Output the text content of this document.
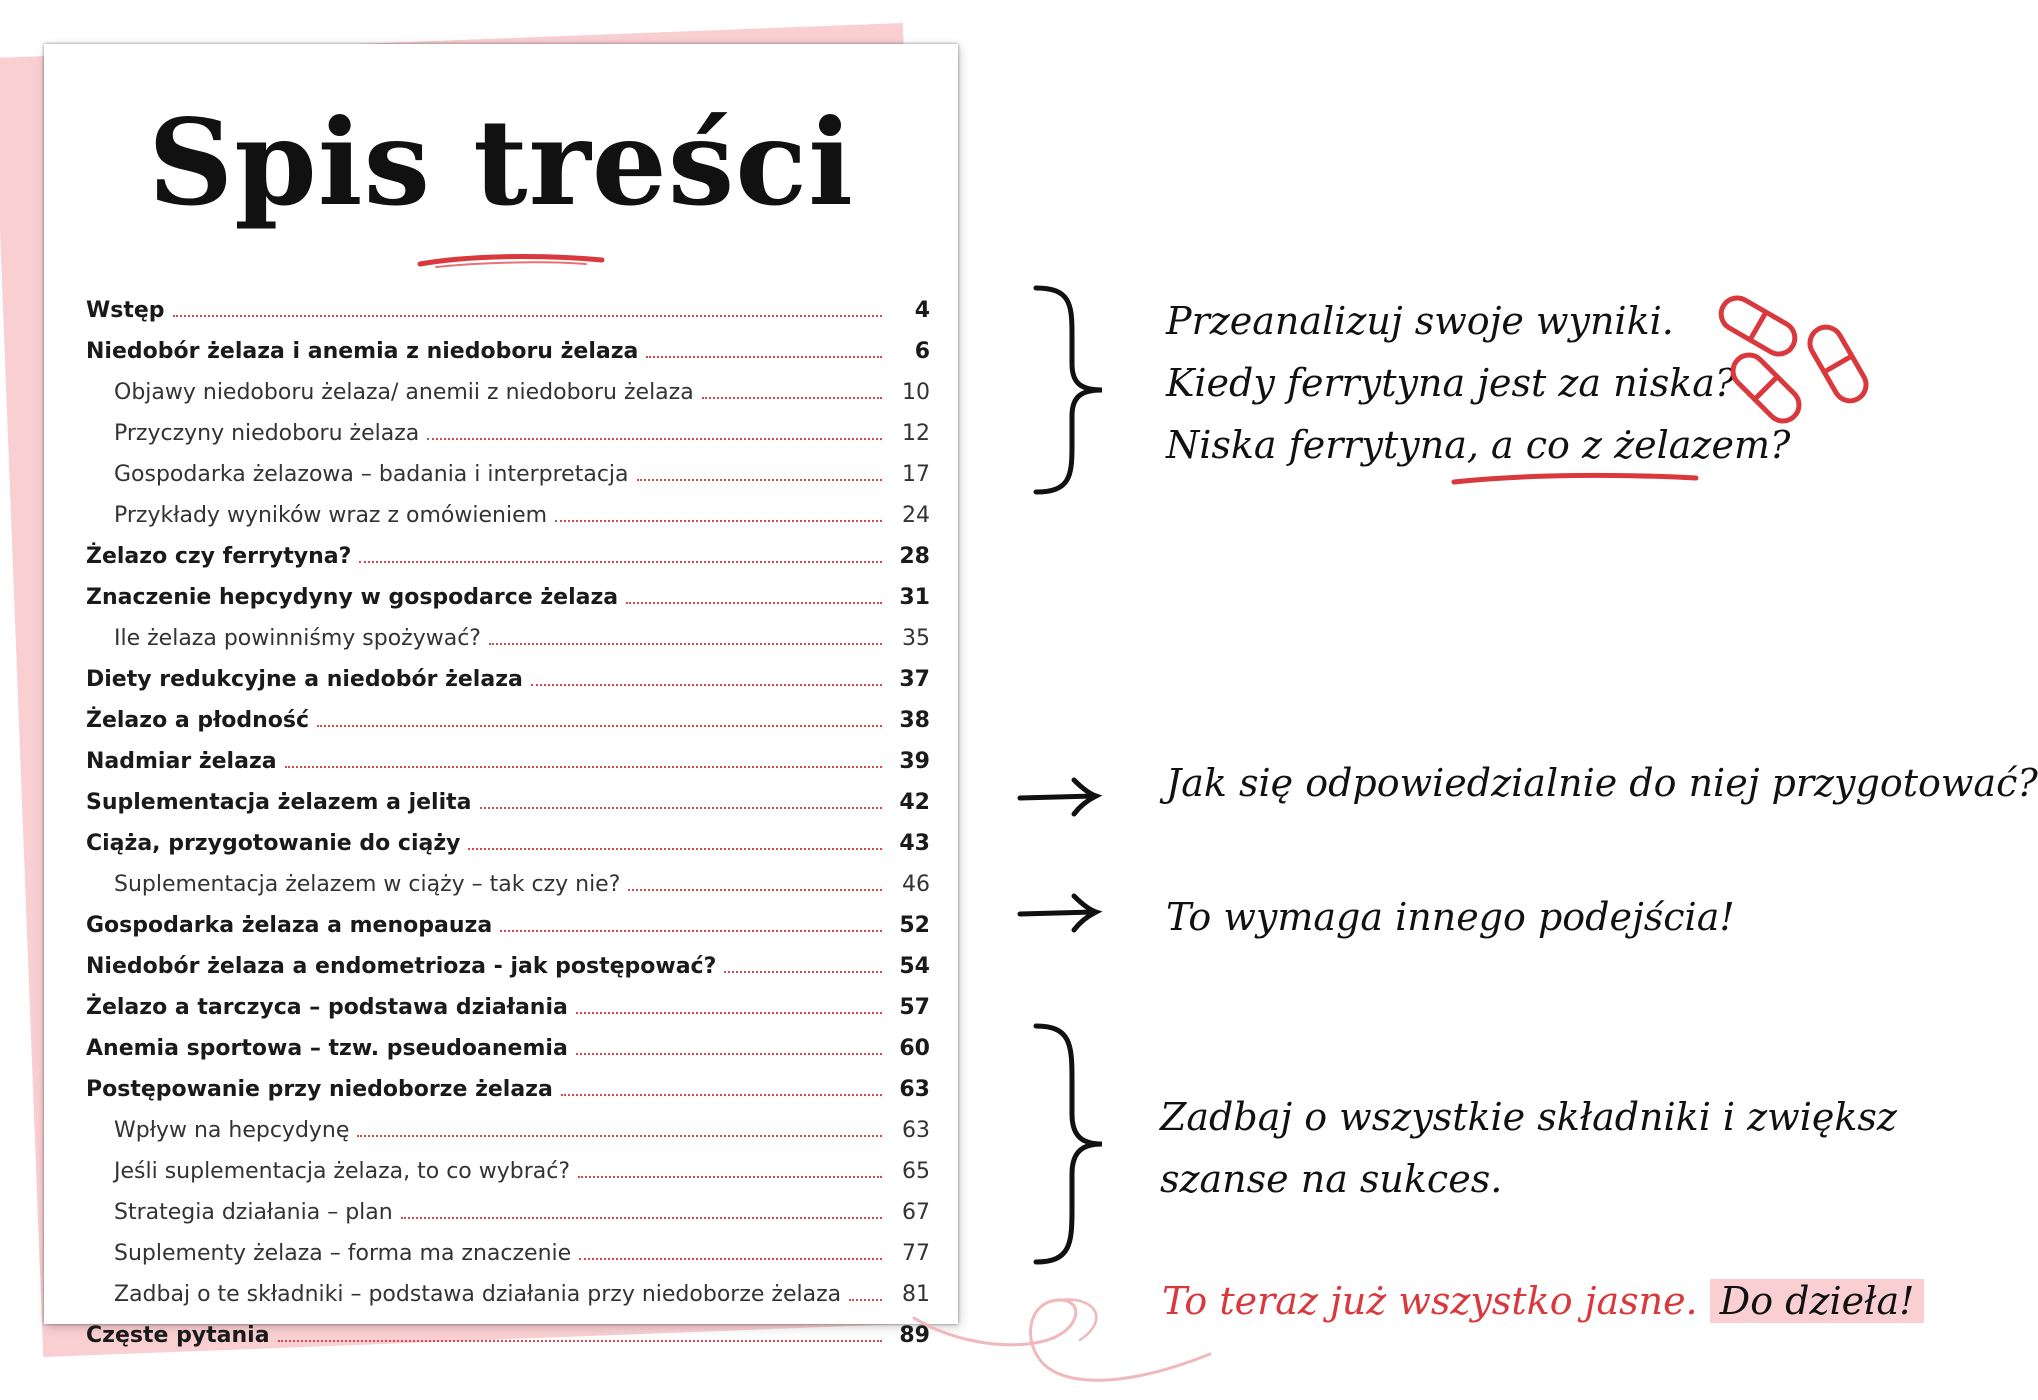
Spis treści
Wstęp	4
Niedobór żelaza i anemia z niedoboru żelaza	6
Objawy niedoboru żelaza/ anemii z niedoboru żelaza	10
Przyczyny niedoboru żelaza	12
Gospodarka żelazowa – badania i interpretacja	17
Przykłady wyników wraz z omówieniem	24
Żelazo czy ferrytyna?	28
Znaczenie hepcydyny w gospodarce żelaza	31
Ile żelaza powinniśmy spożywać?	35
Diety redukcyjne a niedobór żelaza	37
Żelazo a płodność	38
Nadmiar żelaza	39
Suplementacja żelazem a jelita	42
Ciąża, przygotowanie do ciąży	43
Suplementacja żelazem w ciąży – tak czy nie?	46
Gospodarka żelaza a menopauza	52
Niedobór żelaza a endometrioza - jak postępować?	54
Żelazo a tarczyca – podstawa działania	57
Anemia sportowa – tzw. pseudoanemia	60
Postępowanie przy niedoborze żelaza	63
Wpływ na hepcydynę	63
Jeśli suplementacja żelaza, to co wybrać?	65
Strategia działania – plan	67
Suplementy żelaza – forma ma znaczenie	77
Zadbaj o te składniki – podstawa działania przy niedoborze żelaza	81
Częste pytania	89
Przeanalizuj swoje wyniki.
Kiedy ferrytyna jest za niska?
Niska ferrytyna, a co z żelazem?
Jak się odpowiedzialnie do niej przygotować?
To wymaga innego podejścia!
Zadbaj o wszystkie składniki i zwiększ
szanse na sukces.
To teraz już wszystko jasne. Do dzieła!
